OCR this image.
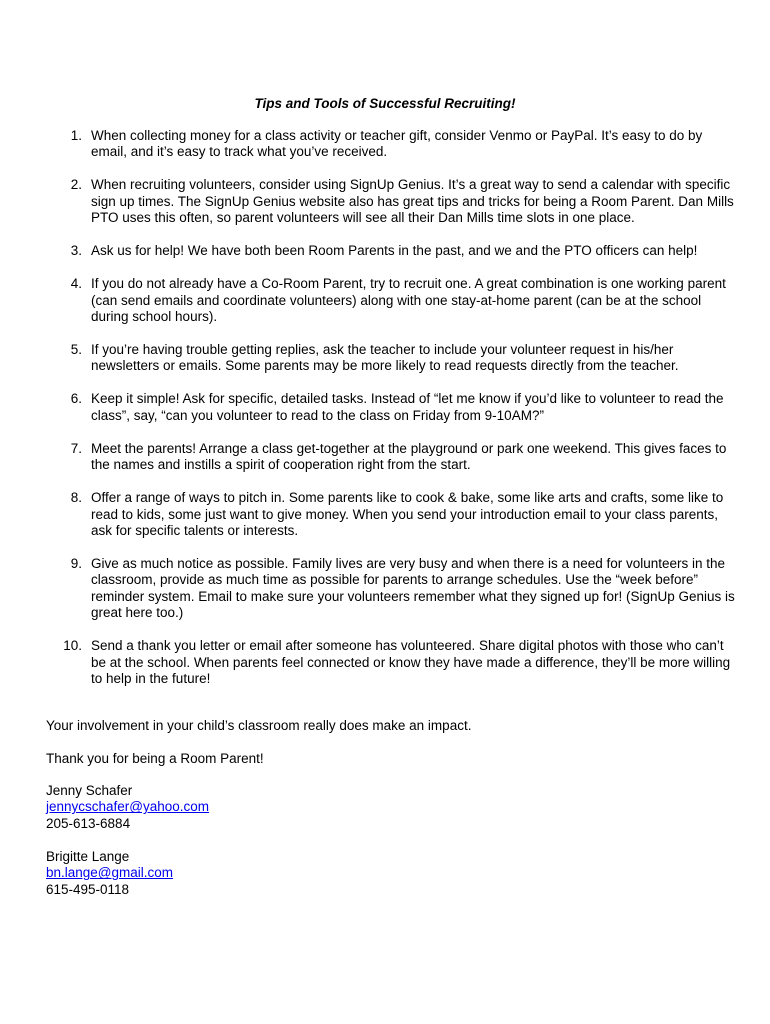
Tips and Tools of Successful Recruiting!
1. When collecting money for a class activity or teacher gift, consider Venmo or PayPal. It’s easy to do by email, and it’s easy to track what you’ve received.
2. When recruiting volunteers, consider using SignUp Genius. It’s a great way to send a calendar with specific sign up times. The SignUp Genius website also has great tips and tricks for being a Room Parent. Dan Mills PTO uses this often, so parent volunteers will see all their Dan Mills time slots in one place.
3. Ask us for help! We have both been Room Parents in the past, and we and the PTO officers can help!
4. If you do not already have a Co-Room Parent, try to recruit one. A great combination is one working parent (can send emails and coordinate volunteers) along with one stay-at-home parent (can be at the school during school hours).
5. If you’re having trouble getting replies, ask the teacher to include your volunteer request in his/her newsletters or emails. Some parents may be more likely to read requests directly from the teacher.
6. Keep it simple! Ask for specific, detailed tasks. Instead of “let me know if you’d like to volunteer to read the class”, say, “can you volunteer to read to the class on Friday from 9-10AM?”
7. Meet the parents! Arrange a class get-together at the playground or park one weekend. This gives faces to the names and instills a spirit of cooperation right from the start.
8. Offer a range of ways to pitch in. Some parents like to cook & bake, some like arts and crafts, some like to read to kids, some just want to give money. When you send your introduction email to your class parents, ask for specific talents or interests.
9. Give as much notice as possible. Family lives are very busy and when there is a need for volunteers in the classroom, provide as much time as possible for parents to arrange schedules. Use the “week before” reminder system. Email to make sure your volunteers remember what they signed up for! (SignUp Genius is great here too.)
10. Send a thank you letter or email after someone has volunteered. Share digital photos with those who can’t be at the school. When parents feel connected or know they have made a difference, they’ll be more willing to help in the future!

Your involvement in your child’s classroom really does make an impact.

Thank you for being a Room Parent!

Jenny Schafer
jennycschafer@yahoo.com
205-613-6884
Brigitte Lange
bn.lange@gmail.com
615-495-0118
